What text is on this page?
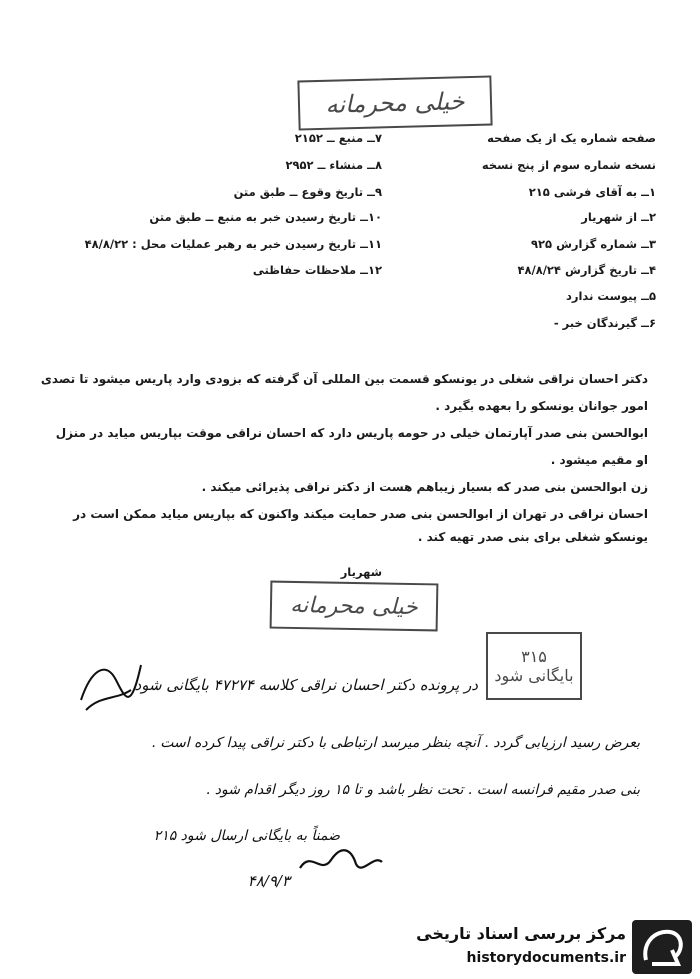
خیلی محرمانه
صفحه شماره یک از یک صفحه
نسخه شماره سوم از پنج نسخه
۱ــ به آقای فرشی ۲۱۵
۲ــ از شهریار
۳ــ شماره گزارش ۹۲۵
۴ــ تاریخ گزارش ۴۸/۸/۲۴
۵ــ پیوست ندارد
۶ــ گیرندگان خبر -
۷ــ منبع ــ ۲۱۵۲
۸ــ منشاء ــ ۲۹۵۲
۹ــ تاریخ وقوع ــ طبق متن
۱۰ــ تاریخ رسیدن خبر به منبع ــ طبق متن
۱۱ــ تاریخ رسیدن خبر به رهبر عملیات محل : ۴۸/۸/۲۲
۱۲ــ ملاحظات حفاظتی
دکتر احسان نراقی شغلی در یونسکو قسمت بین المللی آن گرفته که بزودی وارد پاریس میشود تا تصدی
امور جوانان یونسکو را بعهده بگیرد .
ابوالحسن بنی صدر آپارتمان خیلی در حومه پاریس دارد که احسان نراقی موقت بپاریس میاید در منزل
او مقیم میشود .
زن ابوالحسن بنی صدر که بسیار زیباهم هست از دکتر نراقی پذیرائی میکند .
احسان نراقی در تهران از ابوالحسن بنی صدر حمایت میکند واکنون که بپاریس میاید ممکن است در
یونسکو شغلی برای بنی صدر تهیه کند .
شهریار
خیلی محرمانه
۳۱۵
بایگانی شود
در پرونده دکتر احسان نراقی کلاسه ۴۷۲۷۴ بایگانی شود
بعرض رسید ارزیابی گردد . آنچه بنظر میرسد ارتباطی با دکتر نراقی پیدا کرده است .
بنی صدر مقیم فرانسه است . تحت نظر باشد و تا ۱۵ روز دیگر اقدام شود .
ضمناً به بایگانی ارسال شود ۲۱۵
۴۸/۹/۳
مرکز بررسی اسناد تاریخی
historydocuments.ir
